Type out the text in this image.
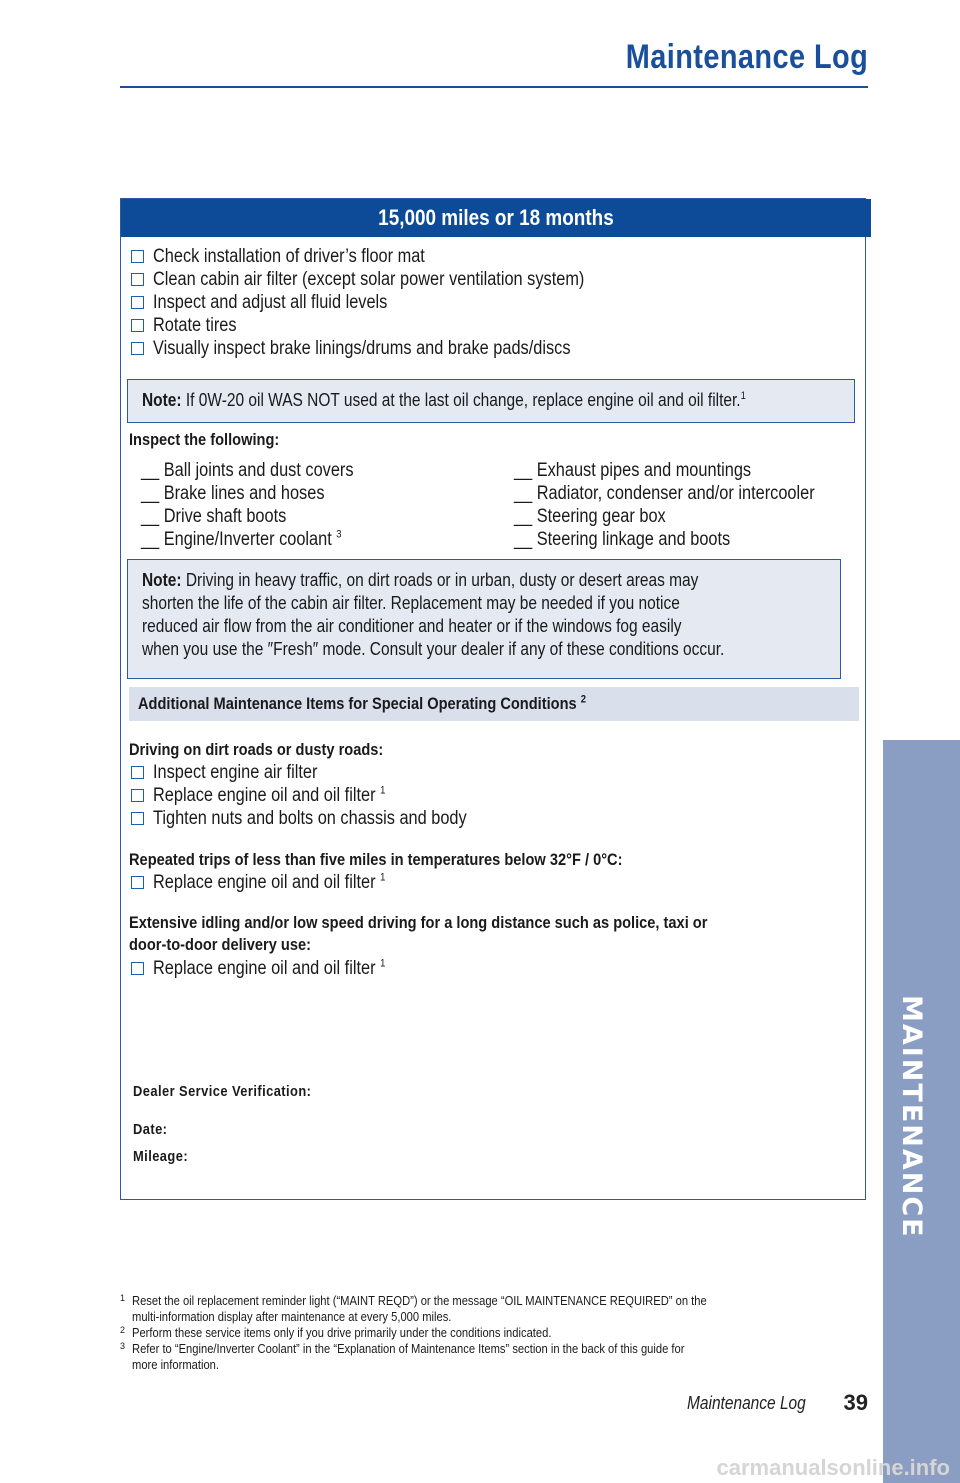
Maintenance Log
15,000 miles or 18 months
Check installation of driver’s floor mat
Clean cabin air filter (except solar power ventilation system)
Inspect and adjust all fluid levels
Rotate tires
Visually inspect brake linings/drums and brake pads/discs
Note: If 0W-20 oil WAS NOT used at the last oil change, replace engine oil and oil filter.$^1$
Inspect the following:
__ Ball joints and dust covers
__ Brake lines and hoses
__ Drive shaft boots
__ Engine/Inverter coolant $^3$
__ Exhaust pipes and mountings
__ Radiator, condenser and/or intercooler
__ Steering gear box
__ Steering linkage and boots
Note: Driving in heavy traffic, on dirt roads or in urban, dusty or desert areas may
shorten the life of the cabin air filter. Replacement may be needed if you notice
reduced air flow from the air conditioner and heater or if the windows fog easily
when you use the ″Fresh″ mode. Consult your dealer if any of these conditions occur.
Additional Maintenance Items for Special Operating Conditions $^2$
Driving on dirt roads or dusty roads:
Inspect engine air filter
Replace engine oil and oil filter $^1$
Tighten nuts and bolts on chassis and body
Repeated trips of less than five miles in temperatures below 32°F / 0°C:
Replace engine oil and oil filter $^1$
Extensive idling and/or low speed driving for a long distance such as police, taxi or
door-to-door delivery use:
Replace engine oil and oil filter $^1$
Dealer Service Verification:
Date:
Mileage:
1 Reset the oil replacement reminder light (“MAINT REQD”) or the message “OIL MAINTENANCE REQUIRED” on the
multi-information display after maintenance at every 5,000 miles.
2 Perform these service items only if you drive primarily under the conditions indicated.
3 Refer to “Engine/Inverter Coolant” in the “Explanation of Maintenance Items” section in the back of this guide for
more information.
Maintenance Log	39
MAINTENANCE
carmanualsonline.info
